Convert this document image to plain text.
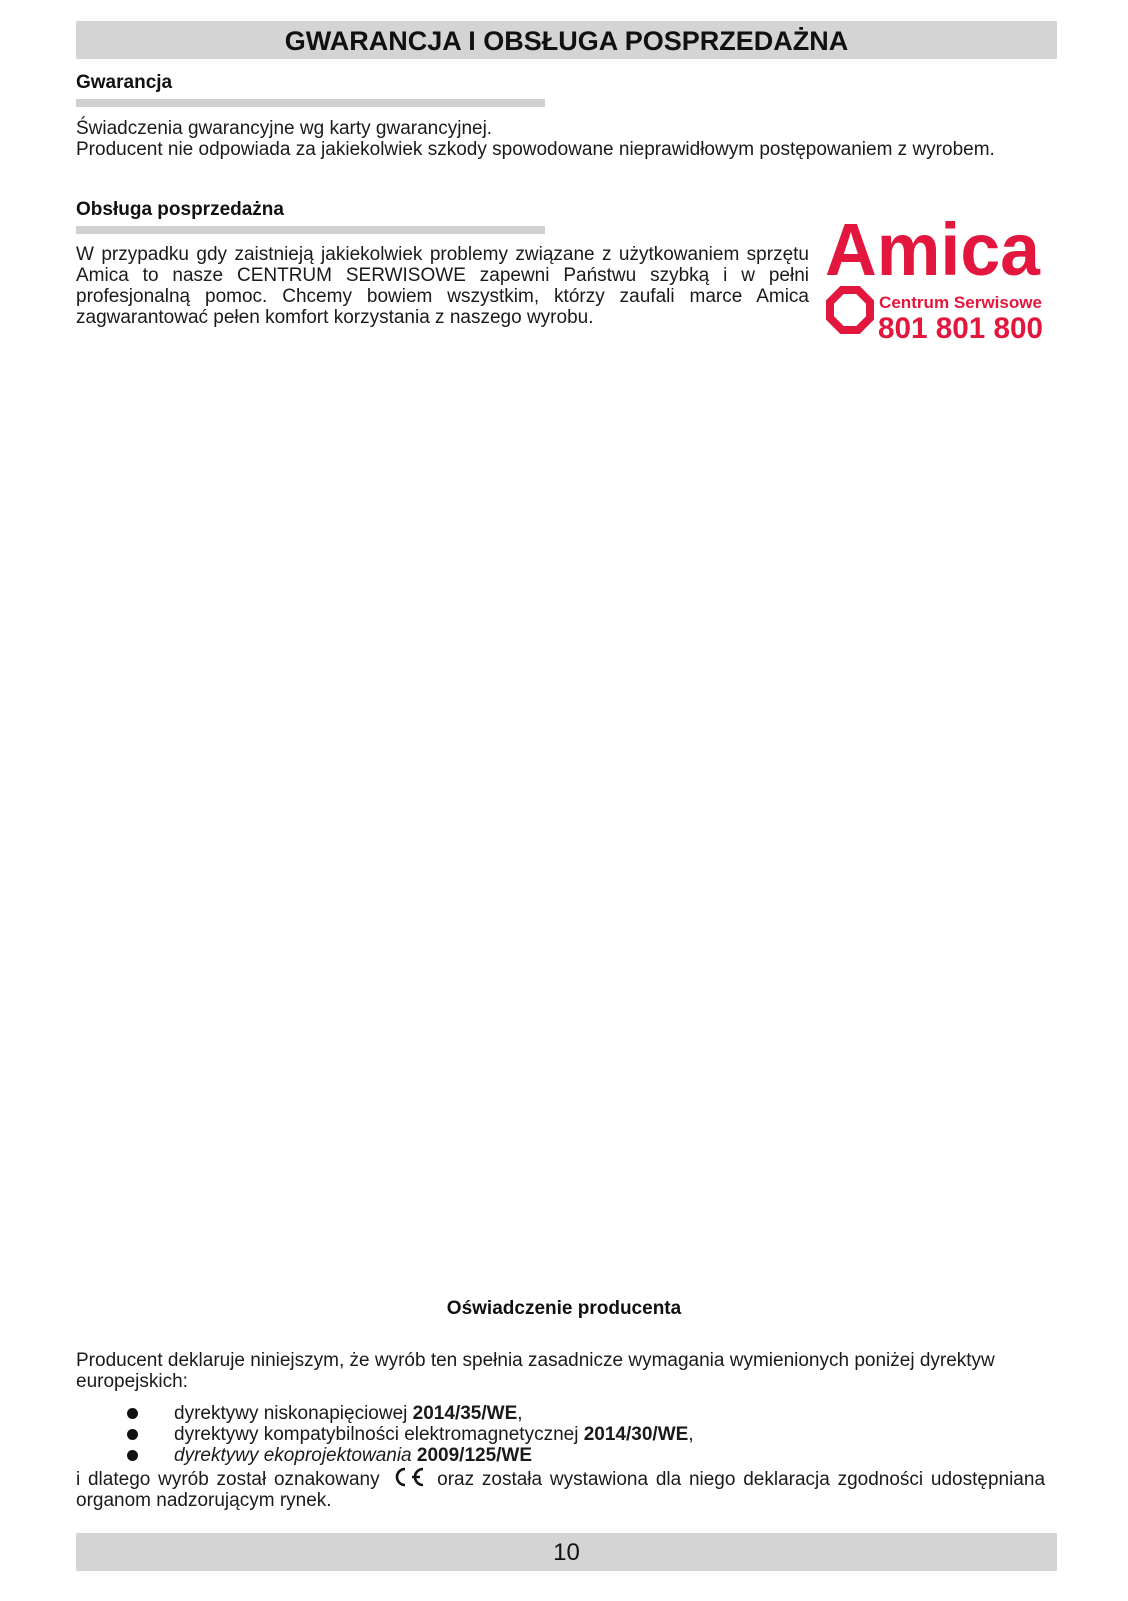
GWARANCJA I OBSŁUGA POSPRZEDAŻNA
Gwarancja

Świadczenia gwarancyjne wg karty gwarancyjnej.

Producent nie odpowiada za jakiekolwiek szkody spowodowane nieprawidłowym postępowaniem z wyrobem.

Obsługa posprzedażna

W przypadku gdy zaistnieją jakiekolwiek problemy związane z użytkowaniem sprzętu Amica to nasze CENTRUM SERWISOWE zapewni Państwu szybką i w pełni profesjonalną pomoc. Chcemy bowiem wszystkim, którzy zaufali marce Amica zagwarantować pełen komfort korzystania z naszego wyrobu.

Amica
Centrum Serwisowe
801 801 800
Oświadczenie producenta

Producent deklaruje niniejszym, że wyrób ten spełnia zasadnicze wymagania wymienionych poniżej dyrektyw europejskich:

dyrektywy niskonapięciowej 2014/35/WE,
dyrektywy kompatybilności elektromagnetycznej 2014/30/WE,
dyrektywy ekoprojektowania 2009/125/WE

i dlatego wyrób został oznakowany	oraz została wystawiona dla niego deklaracja zgodności udostępniana organom nadzorującym rynek.

10
